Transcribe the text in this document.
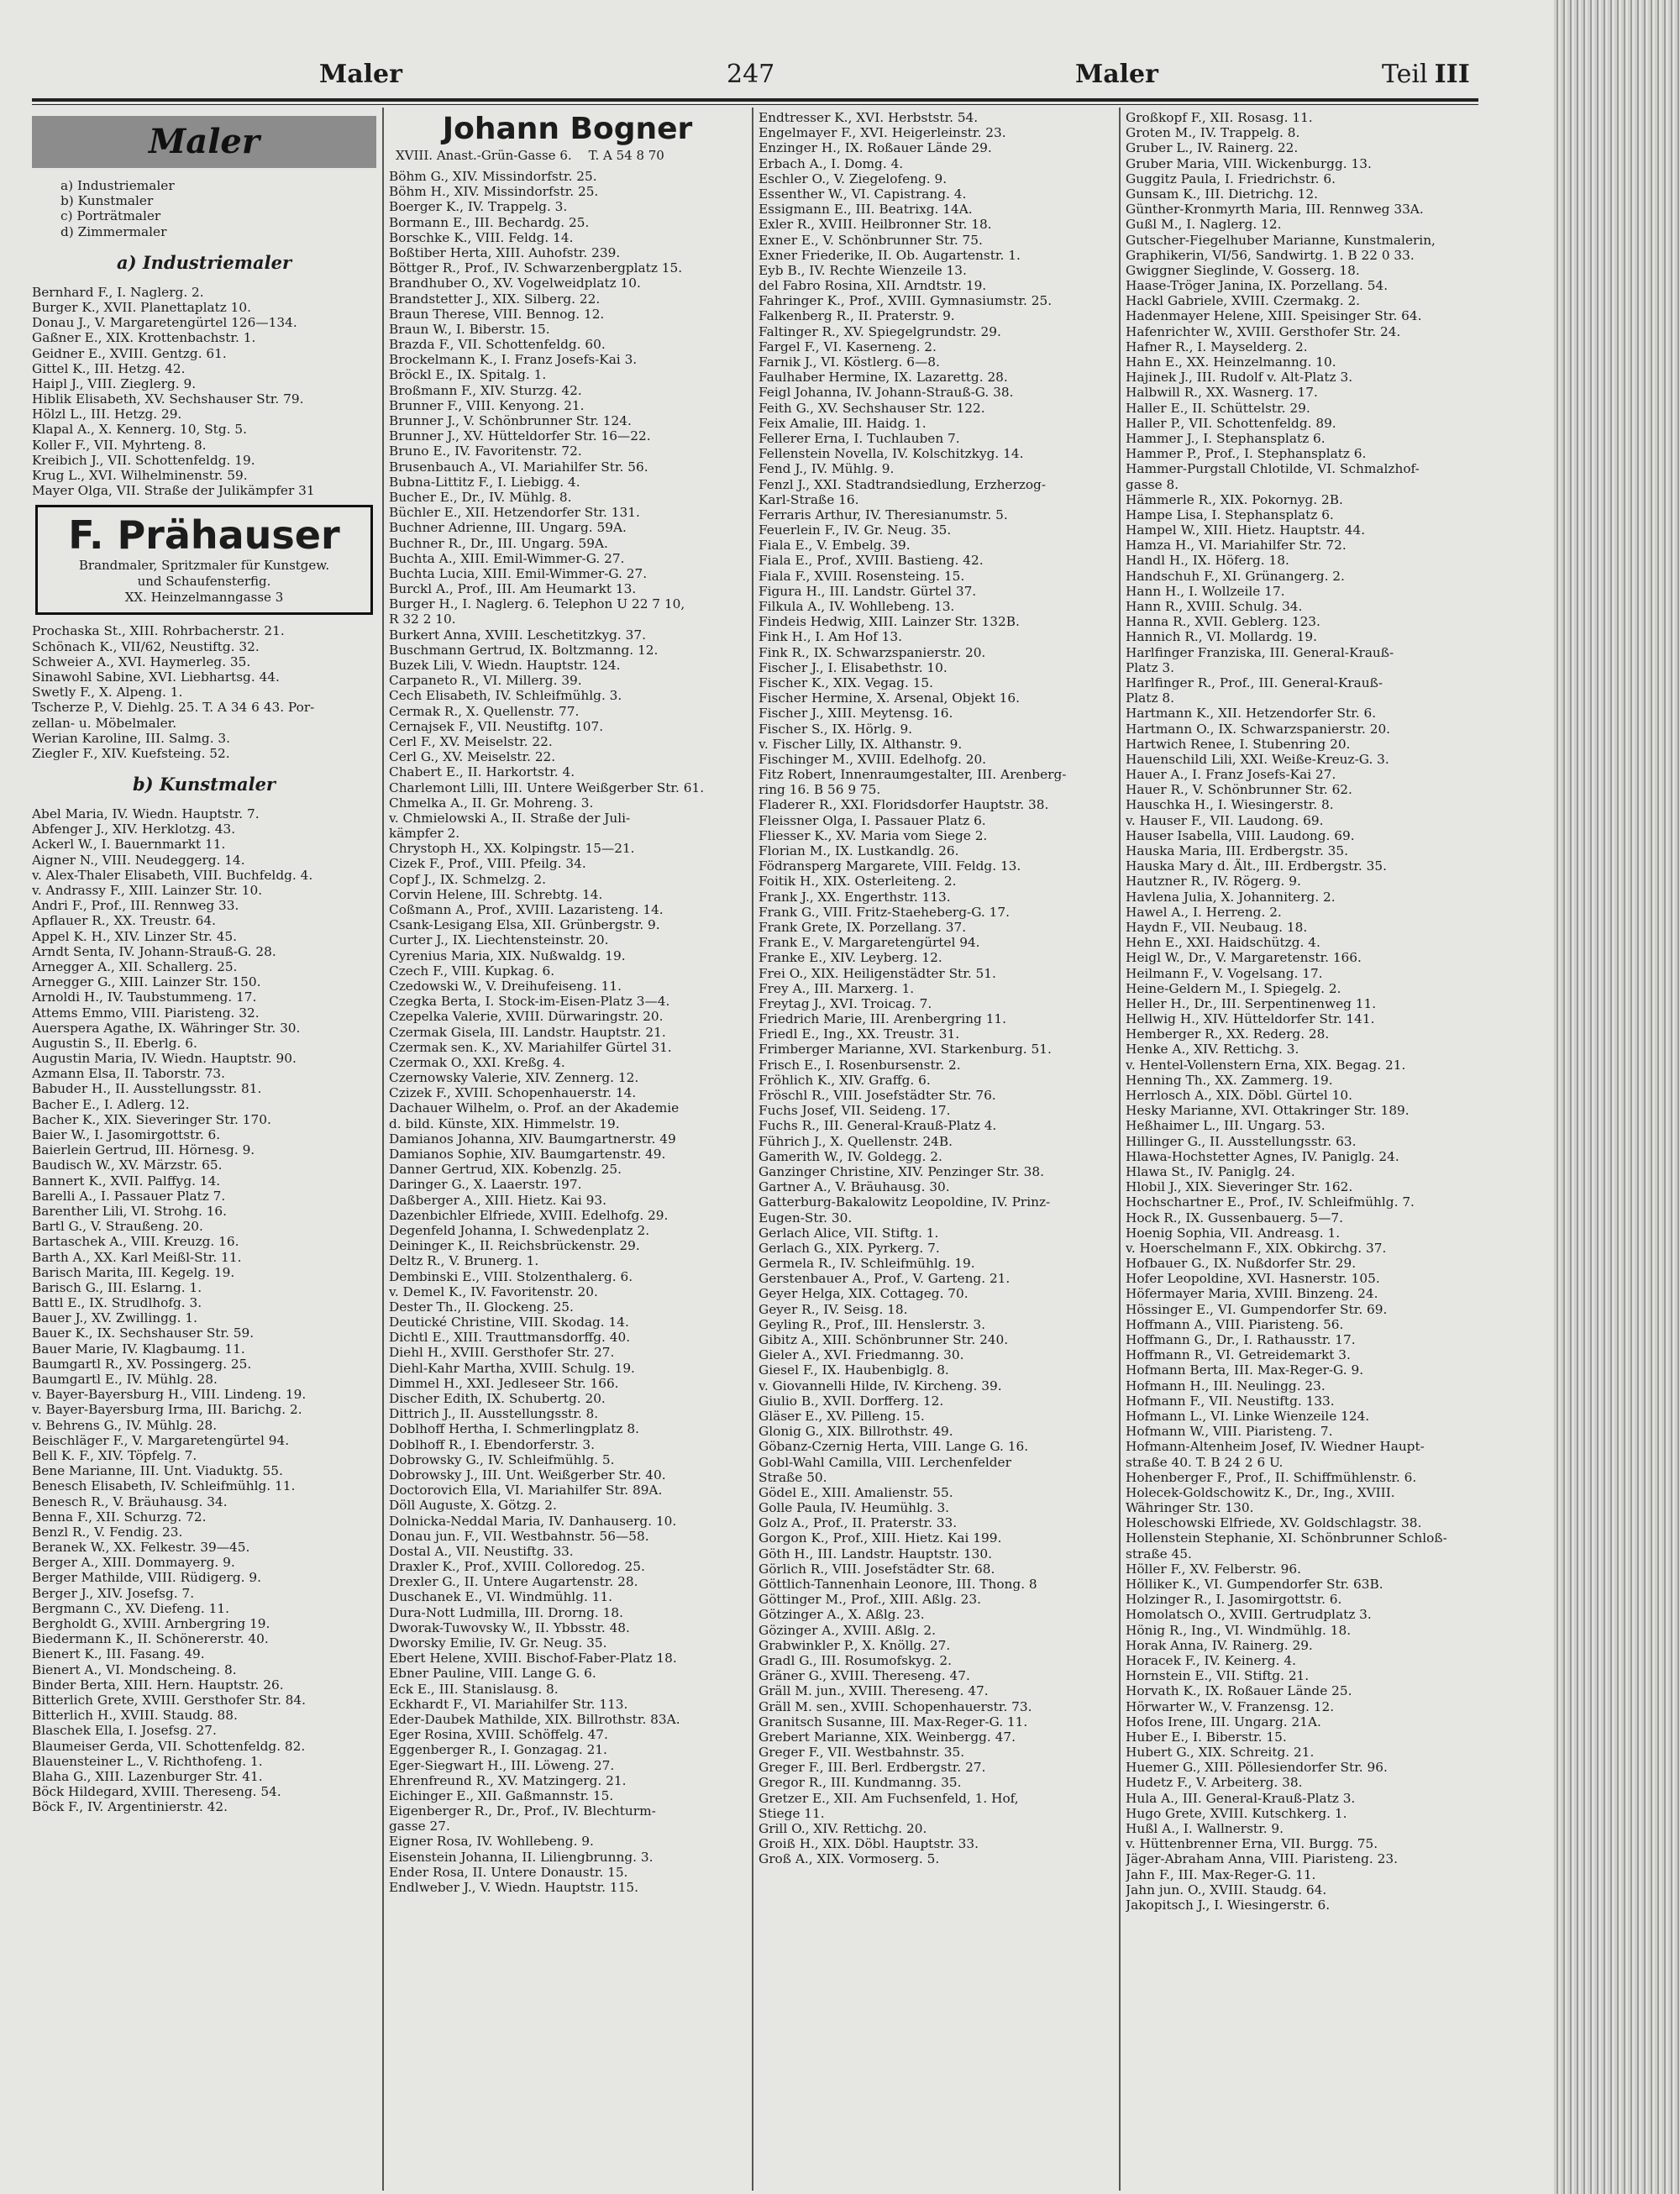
Maler	247	Maler	Teil III
Maler
a) Industriemaler
b) Kunstmaler
c) Porträtmaler
d) Zimmermaler
a) Industriemaler
Bernhard F., I. Naglerg. 2.
Burger K., XVII. Planettaplatz 10.
Donau J., V. Margaretengürtel 126—134.
Gaßner E., XIX. Krottenbachstr. 1.
Geidner E., XVIII. Gentzg. 61.
Gittel K., III. Hetzg. 42.
Haipl J., VIII. Zieglerg. 9.
Hiblik Elisabeth, XV. Sechshauser Str. 79.
Hölzl L., III. Hetzg. 29.
Klapal A., X. Kennerg. 10, Stg. 5.
Koller F., VII. Myhrteng. 8.
Kreibich J., VII. Schottenfeldg. 19.
Krug L., XVI. Wilhelminenstr. 59.
Mayer Olga, VII. Straße der Julikämpfer 31
F. Prähauser
Brandmaler, Spritzmaler für Kunstgew.
und Schaufensterfig.
XX. Heinzelmanngasse 3
Prochaska St., XIII. Rohrbacherstr. 21.
Schönach K., VII/62, Neustiftg. 32.
Schweier A., XVI. Haymerleg. 35.
Sinawohl Sabine, XVI. Liebhartsg. 44.
Swetly F., X. Alpeng. 1.
Tscherze P., V. Diehlg. 25. T. A 34 6 43. Por-
zellan- u. Möbelmaler.
Werian Karoline, III. Salmg. 3.
Ziegler F., XIV. Kuefsteing. 52.
b) Kunstmaler
Abel Maria, IV. Wiedn. Hauptstr. 7.
Abfenger J., XIV. Herklotzg. 43.
Ackerl W., I. Bauernmarkt 11.
Aigner N., VIII. Neudeggerg. 14.
v. Alex-Thaler Elisabeth, VIII. Buchfeldg. 4.
v. Andrassy F., XIII. Lainzer Str. 10.
Andri F., Prof., III. Rennweg 33.
Apflauer R., XX. Treustr. 64.
Appel K. H., XIV. Linzer Str. 45.
Arndt Senta, IV. Johann-Strauß-G. 28.
Arnegger A., XII. Schallerg. 25.
Arnegger G., XIII. Lainzer Str. 150.
Arnoldi H., IV. Taubstummeng. 17.
Attems Emmo, VIII. Piaristeng. 32.
Auerspera Agathe, IX. Währinger Str. 30.
Augustin S., II. Eberlg. 6.
Augustin Maria, IV. Wiedn. Hauptstr. 90.
Azmann Elsa, II. Taborstr. 73.
Babuder H., II. Ausstellungsstr. 81.
Bacher E., I. Adlerg. 12.
Bacher K., XIX. Sieveringer Str. 170.
Baier W., I. Jasomirgottstr. 6.
Baierlein Gertrud, III. Hörnesg. 9.
Baudisch W., XV. Märzstr. 65.
Bannert K., XVII. Palffyg. 14.
Barelli A., I. Passauer Platz 7.
Barenther Lili, VI. Strohg. 16.
Bartl G., V. Straußeng. 20.
Bartaschek A., VIII. Kreuzg. 16.
Barth A., XX. Karl Meißl-Str. 11.
Barisch Marita, III. Kegelg. 19.
Barisch G., III. Eslarng. 1.
Battl E., IX. Strudlhofg. 3.
Bauer J., XV. Zwillingg. 1.
Bauer K., IX. Sechshauser Str. 59.
Bauer Marie, IV. Klagbaumg. 11.
Baumgartl R., XV. Possingerg. 25.
Baumgartl E., IV. Mühlg. 28.
v. Bayer-Bayersburg H., VIII. Lindeng. 19.
v. Bayer-Bayersburg Irma, III. Barichg. 2.
v. Behrens G., IV. Mühlg. 28.
Beischläger F., V. Margaretengürtel 94.
Bell K. F., XIV. Töpfelg. 7.
Bene Marianne, III. Unt. Viaduktg. 55.
Benesch Elisabeth, IV. Schleifmühlg. 11.
Benesch R., V. Bräuhausg. 34.
Benna F., XII. Schurzg. 72.
Benzl R., V. Fendig. 23.
Beranek W., XX. Felkestr. 39—45.
Berger A., XIII. Dommayerg. 9.
Berger Mathilde, VIII. Rüdigerg. 9.
Berger J., XIV. Josefsg. 7.
Bergmann C., XV. Diefeng. 11.
Bergholdt G., XVIII. Arnbergring 19.
Biedermann K., II. Schönererstr. 40.
Bienert K., III. Fasang. 49.
Bienert A., VI. Mondscheing. 8.
Binder Berta, XIII. Hern. Hauptstr. 26.
Bitterlich Grete, XVIII. Gersthofer Str. 84.
Bitterlich H., XVIII. Staudg. 88.
Blaschek Ella, I. Josefsg. 27.
Blaumeiser Gerda, VII. Schottenfeldg. 82.
Blauensteiner L., V. Richthofeng. 1.
Blaha G., XIII. Lazenburger Str. 41.
Böck Hildegard, XVIII. Thereseng. 54.
Böck F., IV. Argentinierstr. 42.
Johann Bogner
XVIII. Anast.-Grün-Gasse 6. T. A 54 8 70
Böhm G., XIV. Missindorfstr. 25.
Böhm H., XIV. Missindorfstr. 25.
Boerger K., IV. Trappelg. 3.
Bormann E., III. Bechardg. 25.
Borschke K., VIII. Feldg. 14.
Boßtiber Herta, XIII. Auhofstr. 239.
Böttger R., Prof., IV. Schwarzenbergplatz 15.
Brandhuber O., XV. Vogelweidplatz 10.
Brandstetter J., XIX. Silberg. 22.
Braun Therese, VIII. Bennog. 12.
Braun W., I. Biberstr. 15.
Brazda F., VII. Schottenfeldg. 60.
Brockelmann K., I. Franz Josefs-Kai 3.
Bröckl E., IX. Spitalg. 1.
Broßmann F., XIV. Sturzg. 42.
Brunner F., VIII. Kenyong. 21.
Brunner J., V. Schönbrunner Str. 124.
Brunner J., XV. Hütteldorfer Str. 16—22.
Bruno E., IV. Favoritenstr. 72.
Brusenbauch A., VI. Mariahilfer Str. 56.
Bubna-Littitz F., I. Liebigg. 4.
Bucher E., Dr., IV. Mühlg. 8.
Büchler E., XII. Hetzendorfer Str. 131.
Buchner Adrienne, III. Ungarg. 59A.
Buchner R., Dr., III. Ungarg. 59A.
Buchta A., XIII. Emil-Wimmer-G. 27.
Buchta Lucia, XIII. Emil-Wimmer-G. 27.
Burckl A., Prof., III. Am Heumarkt 13.
Burger H., I. Naglerg. 6. Telephon U 22 7 10,
R 32 2 10.
Burkert Anna, XVIII. Leschetitzkyg. 37.
Buschmann Gertrud, IX. Boltzmanng. 12.
Buzek Lili, V. Wiedn. Hauptstr. 124.
Carpaneto R., VI. Millerg. 39.
Cech Elisabeth, IV. Schleifmühlg. 3.
Cermak R., X. Quellenstr. 77.
Cernajsek F., VII. Neustiftg. 107.
Cerl F., XV. Meiselstr. 22.
Cerl G., XV. Meiselstr. 22.
Chabert E., II. Harkortstr. 4.
Charlemont Lilli, III. Untere Weißgerber Str. 61.
Chmelka A., II. Gr. Mohreng. 3.
v. Chmielowski A., II. Straße der Juli-
kämpfer 2.
Chrystoph H., XX. Kolpingstr. 15—21.
Cizek F., Prof., VIII. Pfeilg. 34.
Copf J., IX. Schmelzg. 2.
Corvin Helene, III. Schrebtg. 14.
Coßmann A., Prof., XVIII. Lazaristeng. 14.
Csank-Lesigang Elsa, XII. Grünbergstr. 9.
Curter J., IX. Liechtensteinstr. 20.
Cyrenius Maria, XIX. Nußwaldg. 19.
Czech F., VIII. Kupkag. 6.
Czedowski W., V. Dreihufeiseng. 11.
Czegka Berta, I. Stock-im-Eisen-Platz 3—4.
Czepelka Valerie, XVIII. Dürwaringstr. 20.
Czermak Gisela, III. Landstr. Hauptstr. 21.
Czermak sen. K., XV. Mariahilfer Gürtel 31.
Czermak O., XXI. Kreßg. 4.
Czernowsky Valerie, XIV. Zennerg. 12.
Czizek F., XVIII. Schopenhauerstr. 14.
Dachauer Wilhelm, o. Prof. an der Akademie
d. bild. Künste, XIX. Himmelstr. 19.
Damianos Johanna, XIV. Baumgartnerstr. 49
Damianos Sophie, XIV. Baumgartenstr. 49.
Danner Gertrud, XIX. Kobenzlg. 25.
Daringer G., X. Laaerstr. 197.
Daßberger A., XIII. Hietz. Kai 93.
Dazenbichler Elfriede, XVIII. Edelhofg. 29.
Degenfeld Johanna, I. Schwedenplatz 2.
Deininger K., II. Reichsbrückenstr. 29.
Deltz R., V. Brunerg. 1.
Dembinski E., VIII. Stolzenthalerg. 6.
v. Demel K., IV. Favoritenstr. 20.
Dester Th., II. Glockeng. 25.
Deutické Christine, VIII. Skodag. 14.
Dichtl E., XIII. Trauttmansdorffg. 40.
Diehl H., XVIII. Gersthofer Str. 27.
Diehl-Kahr Martha, XVIII. Schulg. 19.
Dimmel H., XXI. Jedleseer Str. 166.
Discher Edith, IX. Schubertg. 20.
Dittrich J., II. Ausstellungsstr. 8.
Doblhoff Hertha, I. Schmerlingplatz 8.
Doblhoff R., I. Ebendorferstr. 3.
Dobrowsky G., IV. Schleifmühlg. 5.
Dobrowsky J., III. Unt. Weißgerber Str. 40.
Doctorovich Ella, VI. Mariahilfer Str. 89A.
Döll Auguste, X. Götzg. 2.
Dolnicka-Neddal Maria, IV. Danhauserg. 10.
Donau jun. F., VII. Westbahnstr. 56—58.
Dostal A., VII. Neustiftg. 33.
Draxler K., Prof., XVIII. Colloredog. 25.
Drexler G., II. Untere Augartenstr. 28.
Duschanek E., VI. Windmühlg. 11.
Dura-Nott Ludmilla, III. Drorng. 18.
Dworak-Tuwovsky W., II. Ybbsstr. 48.
Dworsky Emilie, IV. Gr. Neug. 35.
Ebert Helene, XVIII. Bischof-Faber-Platz 18.
Ebner Pauline, VIII. Lange G. 6.
Eck E., III. Stanislausg. 8.
Eckhardt F., VI. Mariahilfer Str. 113.
Eder-Daubek Mathilde, XIX. Billrothstr. 83A.
Eger Rosina, XVIII. Schöffelg. 47.
Eggenberger R., I. Gonzagag. 21.
Eger-Siegwart H., III. Löweng. 27.
Ehrenfreund R., XV. Matzingerg. 21.
Eichinger E., XII. Gaßmannstr. 15.
Eigenberger R., Dr., Prof., IV. Blechturm-
gasse 27.
Eigner Rosa, IV. Wohllebeng. 9.
Eisenstein Johanna, II. Liliengbrunng. 3.
Ender Rosa, II. Untere Donaustr. 15.
Endlweber J., V. Wiedn. Hauptstr. 115.
Endtresser K., XVI. Herbststr. 54.
Engelmayer F., XVI. Heigerleinstr. 23.
Enzinger H., IX. Roßauer Lände 29.
Erbach A., I. Domg. 4.
Eschler O., V. Ziegelofeng. 9.
Essenther W., VI. Capistrang. 4.
Essigmann E., III. Beatrixg. 14A.
Exler R., XVIII. Heilbronner Str. 18.
Exner E., V. Schönbrunner Str. 75.
Exner Friederike, II. Ob. Augartenstr. 1.
Eyb B., IV. Rechte Wienzeile 13.
del Fabro Rosina, XII. Arndtstr. 19.
Fahringer K., Prof., XVIII. Gymnasiumstr. 25.
Falkenberg R., II. Praterstr. 9.
Faltinger R., XV. Spiegelgrundstr. 29.
Fargel F., VI. Kaserneng. 2.
Farnik J., VI. Köstlerg. 6—8.
Faulhaber Hermine, IX. Lazarettg. 28.
Feigl Johanna, IV. Johann-Strauß-G. 38.
Feith G., XV. Sechshauser Str. 122.
Feix Amalie, III. Haidg. 1.
Fellerer Erna, I. Tuchlauben 7.
Fellenstein Novella, IV. Kolschitzkyg. 14.
Fend J., IV. Mühlg. 9.
Fenzl J., XXI. Stadtrandsiedlung, Erzherzog-
Karl-Straße 16.
Ferraris Arthur, IV. Theresianumstr. 5.
Feuerlein F., IV. Gr. Neug. 35.
Fiala E., V. Embelg. 39.
Fiala E., Prof., XVIII. Bastieng. 42.
Fiala F., XVIII. Rosensteing. 15.
Figura H., III. Landstr. Gürtel 37.
Filkula A., IV. Wohllebeng. 13.
Findeis Hedwig, XIII. Lainzer Str. 132B.
Fink H., I. Am Hof 13.
Fink R., IX. Schwarzspanierstr. 20.
Fischer J., I. Elisabethstr. 10.
Fischer K., XIX. Vegag. 15.
Fischer Hermine, X. Arsenal, Objekt 16.
Fischer J., XIII. Meytensg. 16.
Fischer S., IX. Hörlg. 9.
v. Fischer Lilly, IX. Althanstr. 9.
Fischinger M., XVIII. Edelhofg. 20.
Fitz Robert, Innenraumgestalter, III. Arenberg-
ring 16. B 56 9 75.
Fladerer R., XXI. Floridsdorfer Hauptstr. 38.
Fleissner Olga, I. Passauer Platz 6.
Fliesser K., XV. Maria vom Siege 2.
Florian M., IX. Lustkandlg. 26.
Födransperg Margarete, VIII. Feldg. 13.
Foitik H., XIX. Osterleiteng. 2.
Frank J., XX. Engerthstr. 113.
Frank G., VIII. Fritz-Staeheberg-G. 17.
Frank Grete, IX. Porzellang. 37.
Frank E., V. Margaretengürtel 94.
Franke E., XIV. Leyberg. 12.
Frei O., XIX. Heiligenstädter Str. 51.
Frey A., III. Marxerg. 1.
Freytag J., XVI. Troicag. 7.
Friedrich Marie, III. Arenbergring 11.
Friedl E., Ing., XX. Treustr. 31.
Frimberger Marianne, XVI. Starkenburg. 51.
Frisch E., I. Rosenbursenstr. 2.
Fröhlich K., XIV. Graffg. 6.
Fröschl R., VIII. Josefstädter Str. 76.
Fuchs Josef, VII. Seideng. 17.
Fuchs R., III. General-Krauß-Platz 4.
Führich J., X. Quellenstr. 24B.
Gamerith W., IV. Goldegg. 2.
Ganzinger Christine, XIV. Penzinger Str. 38.
Gartner A., V. Bräuhausg. 30.
Gatterburg-Bakalowitz Leopoldine, IV. Prinz-
Eugen-Str. 30.
Gerlach Alice, VII. Stiftg. 1.
Gerlach G., XIX. Pyrkerg. 7.
Germela R., IV. Schleifmühlg. 19.
Gerstenbauer A., Prof., V. Garteng. 21.
Geyer Helga, XIX. Cottageg. 70.
Geyer R., IV. Seisg. 18.
Geyling R., Prof., III. Henslerstr. 3.
Gibitz A., XIII. Schönbrunner Str. 240.
Gieler A., XVI. Friedmanng. 30.
Giesel F., IX. Haubenbiglg. 8.
v. Giovannelli Hilde, IV. Kircheng. 39.
Giulio B., XVII. Dorfferg. 12.
Gläser E., XV. Pilleng. 15.
Glonig G., XIX. Billrothstr. 49.
Göbanz-Czernig Herta, VIII. Lange G. 16.
Gobl-Wahl Camilla, VIII. Lerchenfelder
Straße 50.
Gödel E., XIII. Amalienstr. 55.
Golle Paula, IV. Heumühlg. 3.
Golz A., Prof., II. Praterstr. 33.
Gorgon K., Prof., XIII. Hietz. Kai 199.
Göth H., III. Landstr. Hauptstr. 130.
Görlich R., VIII. Josefstädter Str. 68.
Göttlich-Tannenhain Leonore, III. Thong. 8
Göttinger M., Prof., XIII. Aßlg. 23.
Götzinger A., X. Aßlg. 23.
Gözinger A., XVIII. Aßlg. 2.
Grabwinkler P., X. Knöllg. 27.
Gradl G., III. Rosumofskyg. 2.
Gräner G., XVIII. Thereseng. 47.
Gräll M. jun., XVIII. Thereseng. 47.
Gräll M. sen., XVIII. Schopenhauerstr. 73.
Granitsch Susanne, III. Max-Reger-G. 11.
Grebert Marianne, XIX. Weinbergg. 47.
Greger F., VII. Westbahnstr. 35.
Greger F., III. Berl. Erdbergstr. 27.
Gregor R., III. Kundmanng. 35.
Gretzer E., XII. Am Fuchsenfeld, 1. Hof,
Stiege 11.
Grill O., XIV. Rettichg. 20.
Groiß H., XIX. Döbl. Hauptstr. 33.
Groß A., XIX. Vormoserg. 5.
Großkopf F., XII. Rosasg. 11.
Groten M., IV. Trappelg. 8.
Gruber L., IV. Rainerg. 22.
Gruber Maria, VIII. Wickenburgg. 13.
Guggitz Paula, I. Friedrichstr. 6.
Gunsam K., III. Dietrichg. 12.
Günther-Kronmyrth Maria, III. Rennweg 33A.
Gußl M., I. Naglerg. 12.
Gutscher-Fiegelhuber Marianne, Kunstmalerin,
Graphikerin, VI/56, Sandwirtg. 1. B 22 0 33.
Gwiggner Sieglinde, V. Gosserg. 18.
Haase-Tröger Janina, IX. Porzellang. 54.
Hackl Gabriele, XVIII. Czermakg. 2.
Hadenmayer Helene, XIII. Speisinger Str. 64.
Hafenrichter W., XVIII. Gersthofer Str. 24.
Hafner R., I. Mayselderg. 2.
Hahn E., XX. Heinzelmanng. 10.
Hajinek J., III. Rudolf v. Alt-Platz 3.
Halbwill R., XX. Wasnerg. 17.
Haller E., II. Schüttelstr. 29.
Haller P., VII. Schottenfeldg. 89.
Hammer J., I. Stephansplatz 6.
Hammer P., Prof., I. Stephansplatz 6.
Hammer-Purgstall Chlotilde, VI. Schmalzhof-
gasse 8.
Hämmerle R., XIX. Pokornyg. 2B.
Hampe Lisa, I. Stephansplatz 6.
Hampel W., XIII. Hietz. Hauptstr. 44.
Hamza H., VI. Mariahilfer Str. 72.
Handl H., IX. Höferg. 18.
Handschuh F., XI. Grünangerg. 2.
Hann H., I. Wollzeile 17.
Hann R., XVIII. Schulg. 34.
Hanna R., XVII. Geblerg. 123.
Hannich R., VI. Mollardg. 19.
Harlfinger Franziska, III. General-Krauß-
Platz 3.
Harlfinger R., Prof., III. General-Krauß-
Platz 8.
Hartmann K., XII. Hetzendorfer Str. 6.
Hartmann O., IX. Schwarzspanierstr. 20.
Hartwich Renee, I. Stubenring 20.
Hauenschild Lili, XXI. Weiße-Kreuz-G. 3.
Hauer A., I. Franz Josefs-Kai 27.
Hauer R., V. Schönbrunner Str. 62.
Hauschka H., I. Wiesingerstr. 8.
v. Hauser F., VII. Laudong. 69.
Hauser Isabella, VIII. Laudong. 69.
Hauska Maria, III. Erdbergstr. 35.
Hauska Mary d. Ält., III. Erdbergstr. 35.
Hautzner R., IV. Rögerg. 9.
Havlena Julia, X. Johanniterg. 2.
Hawel A., I. Herreng. 2.
Haydn F., VII. Neubaug. 18.
Hehn E., XXI. Haidschützg. 4.
Heigl W., Dr., V. Margaretenstr. 166.
Heilmann F., V. Vogelsang. 17.
Heine-Geldern M., I. Spiegelg. 2.
Heller H., Dr., III. Serpentinenweg 11.
Hellwig H., XIV. Hütteldorfer Str. 141.
Hemberger R., XX. Rederg. 28.
Henke A., XIV. Rettichg. 3.
v. Hentel-Vollenstern Erna, XIX. Begag. 21.
Henning Th., XX. Zammerg. 19.
Herrlosch A., XIX. Döbl. Gürtel 10.
Hesky Marianne, XVI. Ottakringer Str. 189.
Heßhaimer L., III. Ungarg. 53.
Hillinger G., II. Ausstellungsstr. 63.
Hlawa-Hochstetter Agnes, IV. Paniglg. 24.
Hlawa St., IV. Paniglg. 24.
Hlobil J., XIX. Sieveringer Str. 162.
Hochschartner E., Prof., IV. Schleifmühlg. 7.
Hock R., IX. Gussenbauerg. 5—7.
Hoenig Sophia, VII. Andreasg. 1.
v. Hoerschelmann F., XIX. Obkirchg. 37.
Hofbauer G., IX. Nußdorfer Str. 29.
Hofer Leopoldine, XVI. Hasnerstr. 105.
Höfermayer Maria, XVIII. Binzeng. 24.
Hössinger E., VI. Gumpendorfer Str. 69.
Hoffmann A., VIII. Piaristeng. 56.
Hoffmann G., Dr., I. Rathausstr. 17.
Hoffmann R., VI. Getreidemarkt 3.
Hofmann Berta, III. Max-Reger-G. 9.
Hofmann H., III. Neulingg. 23.
Hofmann F., VII. Neustiftg. 133.
Hofmann L., VI. Linke Wienzeile 124.
Hofmann W., VIII. Piaristeng. 7.
Hofmann-Altenheim Josef, IV. Wiedner Haupt-
straße 40. T. B 24 2 6 U.
Hohenberger F., Prof., II. Schiffmühlenstr. 6.
Holecek-Goldschowitz K., Dr., Ing., XVIII.
Währinger Str. 130.
Holeschowski Elfriede, XV. Goldschlagstr. 38.
Hollenstein Stephanie, XI. Schönbrunner Schloß-
straße 45.
Höller F., XV. Felberstr. 96.
Hölliker K., VI. Gumpendorfer Str. 63B.
Holzinger R., I. Jasomirgottstr. 6.
Homolatsch O., XVIII. Gertrudplatz 3.
Hönig R., Ing., VI. Windmühlg. 18.
Horak Anna, IV. Rainerg. 29.
Horacek F., IV. Keinerg. 4.
Hornstein E., VII. Stiftg. 21.
Horvath K., IX. Roßauer Lände 25.
Hörwarter W., V. Franzensg. 12.
Hofos Irene, III. Ungarg. 21A.
Huber E., I. Biberstr. 15.
Hubert G., XIX. Schreitg. 21.
Huemer G., XIII. Pöllesiendorfer Str. 96.
Hudetz F., V. Arbeiterg. 38.
Hula A., III. General-Krauß-Platz 3.
Hugo Grete, XVIII. Kutschkerg. 1.
Hußl A., I. Wallnerstr. 9.
v. Hüttenbrenner Erna, VII. Burgg. 75.
Jäger-Abraham Anna, VIII. Piaristeng. 23.
Jahn F., III. Max-Reger-G. 11.
Jahn jun. O., XVIII. Staudg. 64.
Jakopitsch J., I. Wiesingerstr. 6.
